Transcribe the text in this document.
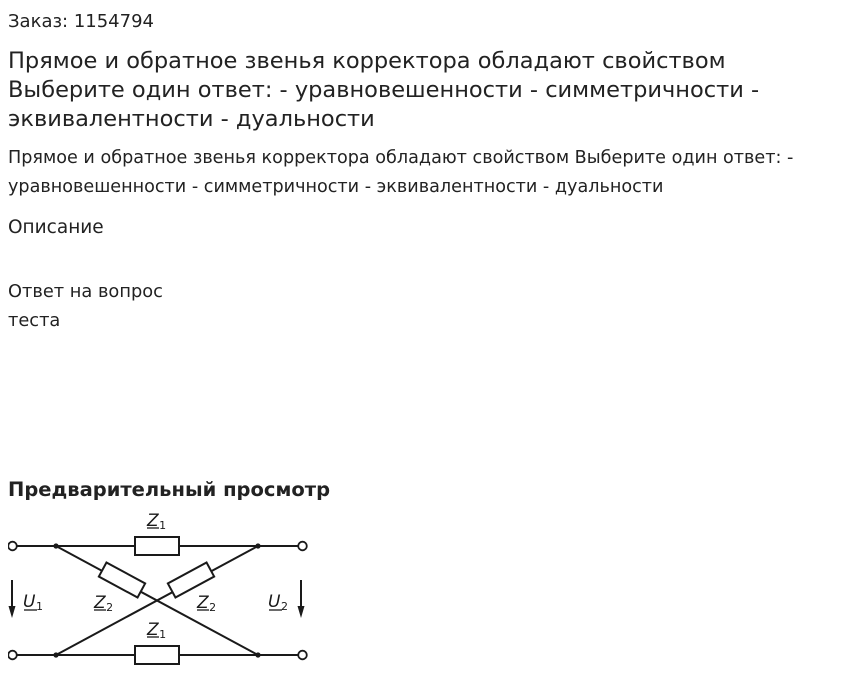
Заказ: 1154794
Прямое и обратное звенья корректора обладают свойством Выберите один ответ: - уравновешенности - симметричности - эквивалентности - дуальности

Прямое и обратное звенья корректора обладают свойством Выберите один ответ: - уравновешенности - симметричности - эквивалентности - дуальности

Описание
Ответ на вопрос теста
Предварительный просмотр
Z1
Z1
Z2	Z2
U1	U2
